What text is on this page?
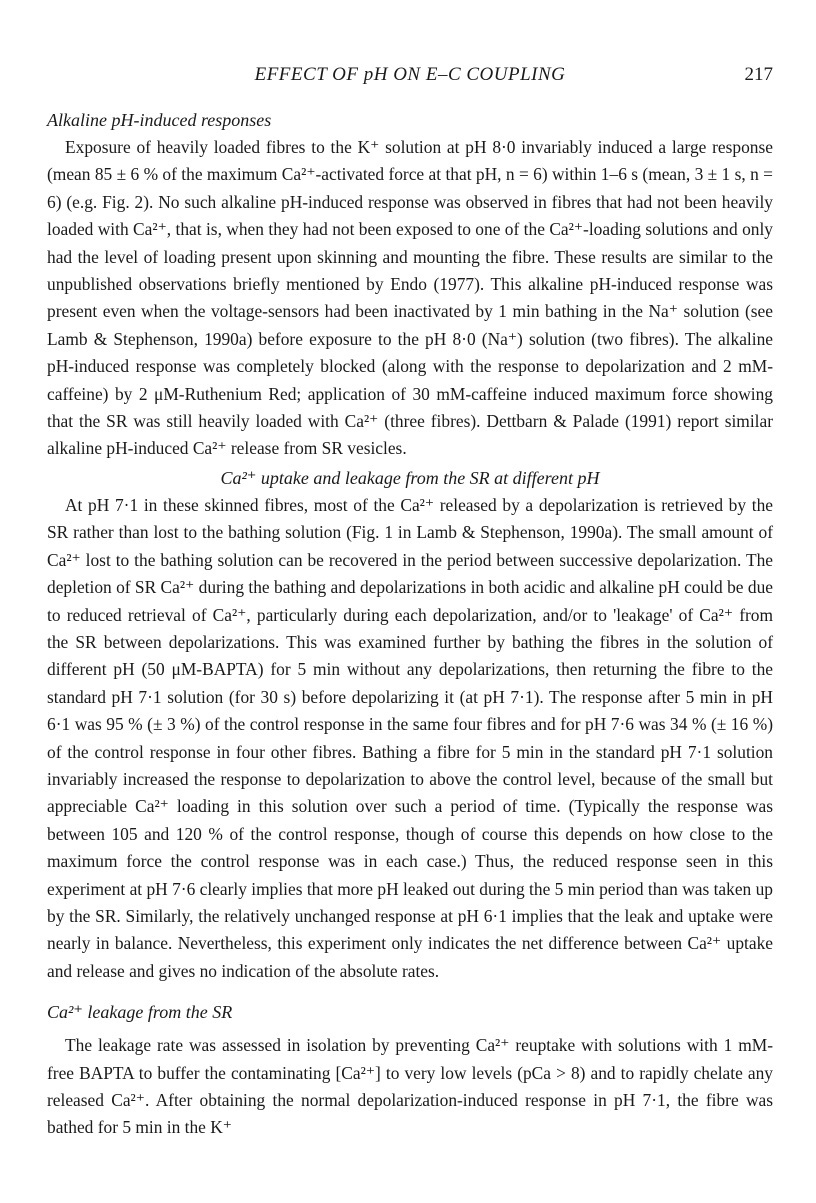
EFFECT OF pH ON E–C COUPLING	217

Alkaline pH-induced responses

Exposure of heavily loaded fibres to the K⁺ solution at pH 8·0 invariably induced a large response (mean 85 ± 6 % of the maximum Ca²⁺-activated force at that pH, n = 6) within 1–6 s (mean, 3 ± 1 s, n = 6) (e.g. Fig. 2). No such alkaline pH-induced response was observed in fibres that had not been heavily loaded with Ca²⁺, that is, when they had not been exposed to one of the Ca²⁺-loading solutions and only had the level of loading present upon skinning and mounting the fibre. These results are similar to the unpublished observations briefly mentioned by Endo (1977). This alkaline pH-induced response was present even when the voltage-sensors had been inactivated by 1 min bathing in the Na⁺ solution (see Lamb & Stephenson, 1990a) before exposure to the pH 8·0 (Na⁺) solution (two fibres). The alkaline pH-induced response was completely blocked (along with the response to depolarization and 2 mM-caffeine) by 2 μM-Ruthenium Red; application of 30 mM-caffeine induced maximum force showing that the SR was still heavily loaded with Ca²⁺ (three fibres). Dettbarn & Palade (1991) report similar alkaline pH-induced Ca²⁺ release from SR vesicles.

Ca²⁺ uptake and leakage from the SR at different pH

At pH 7·1 in these skinned fibres, most of the Ca²⁺ released by a depolarization is retrieved by the SR rather than lost to the bathing solution (Fig. 1 in Lamb & Stephenson, 1990a). The small amount of Ca²⁺ lost to the bathing solution can be recovered in the period between successive depolarization. The depletion of SR Ca²⁺ during the bathing and depolarizations in both acidic and alkaline pH could be due to reduced retrieval of Ca²⁺, particularly during each depolarization, and/or to 'leakage' of Ca²⁺ from the SR between depolarizations. This was examined further by bathing the fibres in the solution of different pH (50 μM-BAPTA) for 5 min without any depolarizations, then returning the fibre to the standard pH 7·1 solution (for 30 s) before depolarizing it (at pH 7·1). The response after 5 min in pH 6·1 was 95 % (± 3 %) of the control response in the same four fibres and for pH 7·6 was 34 % (± 16 %) of the control response in four other fibres. Bathing a fibre for 5 min in the standard pH 7·1 solution invariably increased the response to depolarization to above the control level, because of the small but appreciable Ca²⁺ loading in this solution over such a period of time. (Typically the response was between 105 and 120 % of the control response, though of course this depends on how close to the maximum force the control response was in each case.) Thus, the reduced response seen in this experiment at pH 7·6 clearly implies that more pH leaked out during the 5 min period than was taken up by the SR. Similarly, the relatively unchanged response at pH 6·1 implies that the leak and uptake were nearly in balance. Nevertheless, this experiment only indicates the net difference between Ca²⁺ uptake and release and gives no indication of the absolute rates.

Ca²⁺ leakage from the SR

The leakage rate was assessed in isolation by preventing Ca²⁺ reuptake with solutions with 1 mM-free BAPTA to buffer the contaminating [Ca²⁺] to very low levels (pCa > 8) and to rapidly chelate any released Ca²⁺. After obtaining the normal depolarization-induced response in pH 7·1, the fibre was bathed for 5 min in the K⁺
